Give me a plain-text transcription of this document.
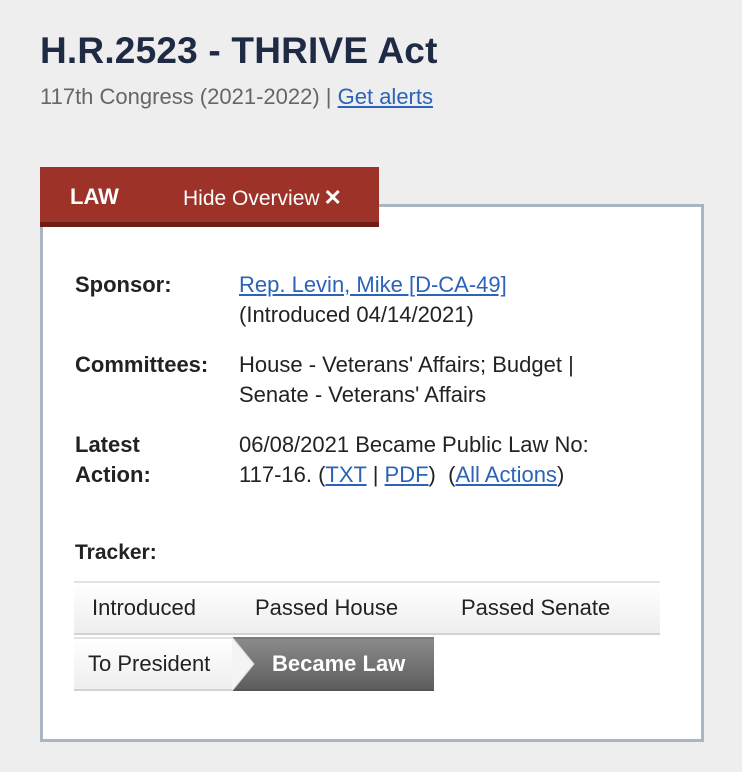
H.R.2523 - THRIVE Act
117th Congress (2021-2022) | Get alerts
LAW	Hide Overview ✕
Sponsor:	Rep. Levin, Mike [D-CA-49]
(Introduced 04/14/2021)
Committees: House - Veterans' Affairs; Budget |
Senate - Veterans' Affairs
Latest
Action:
06/08/2021 Became Public Law No:
117-16. (TXT | PDF)  (All Actions)
Tracker:
Introduced	Passed House	Passed Senate
To President	Became Law
